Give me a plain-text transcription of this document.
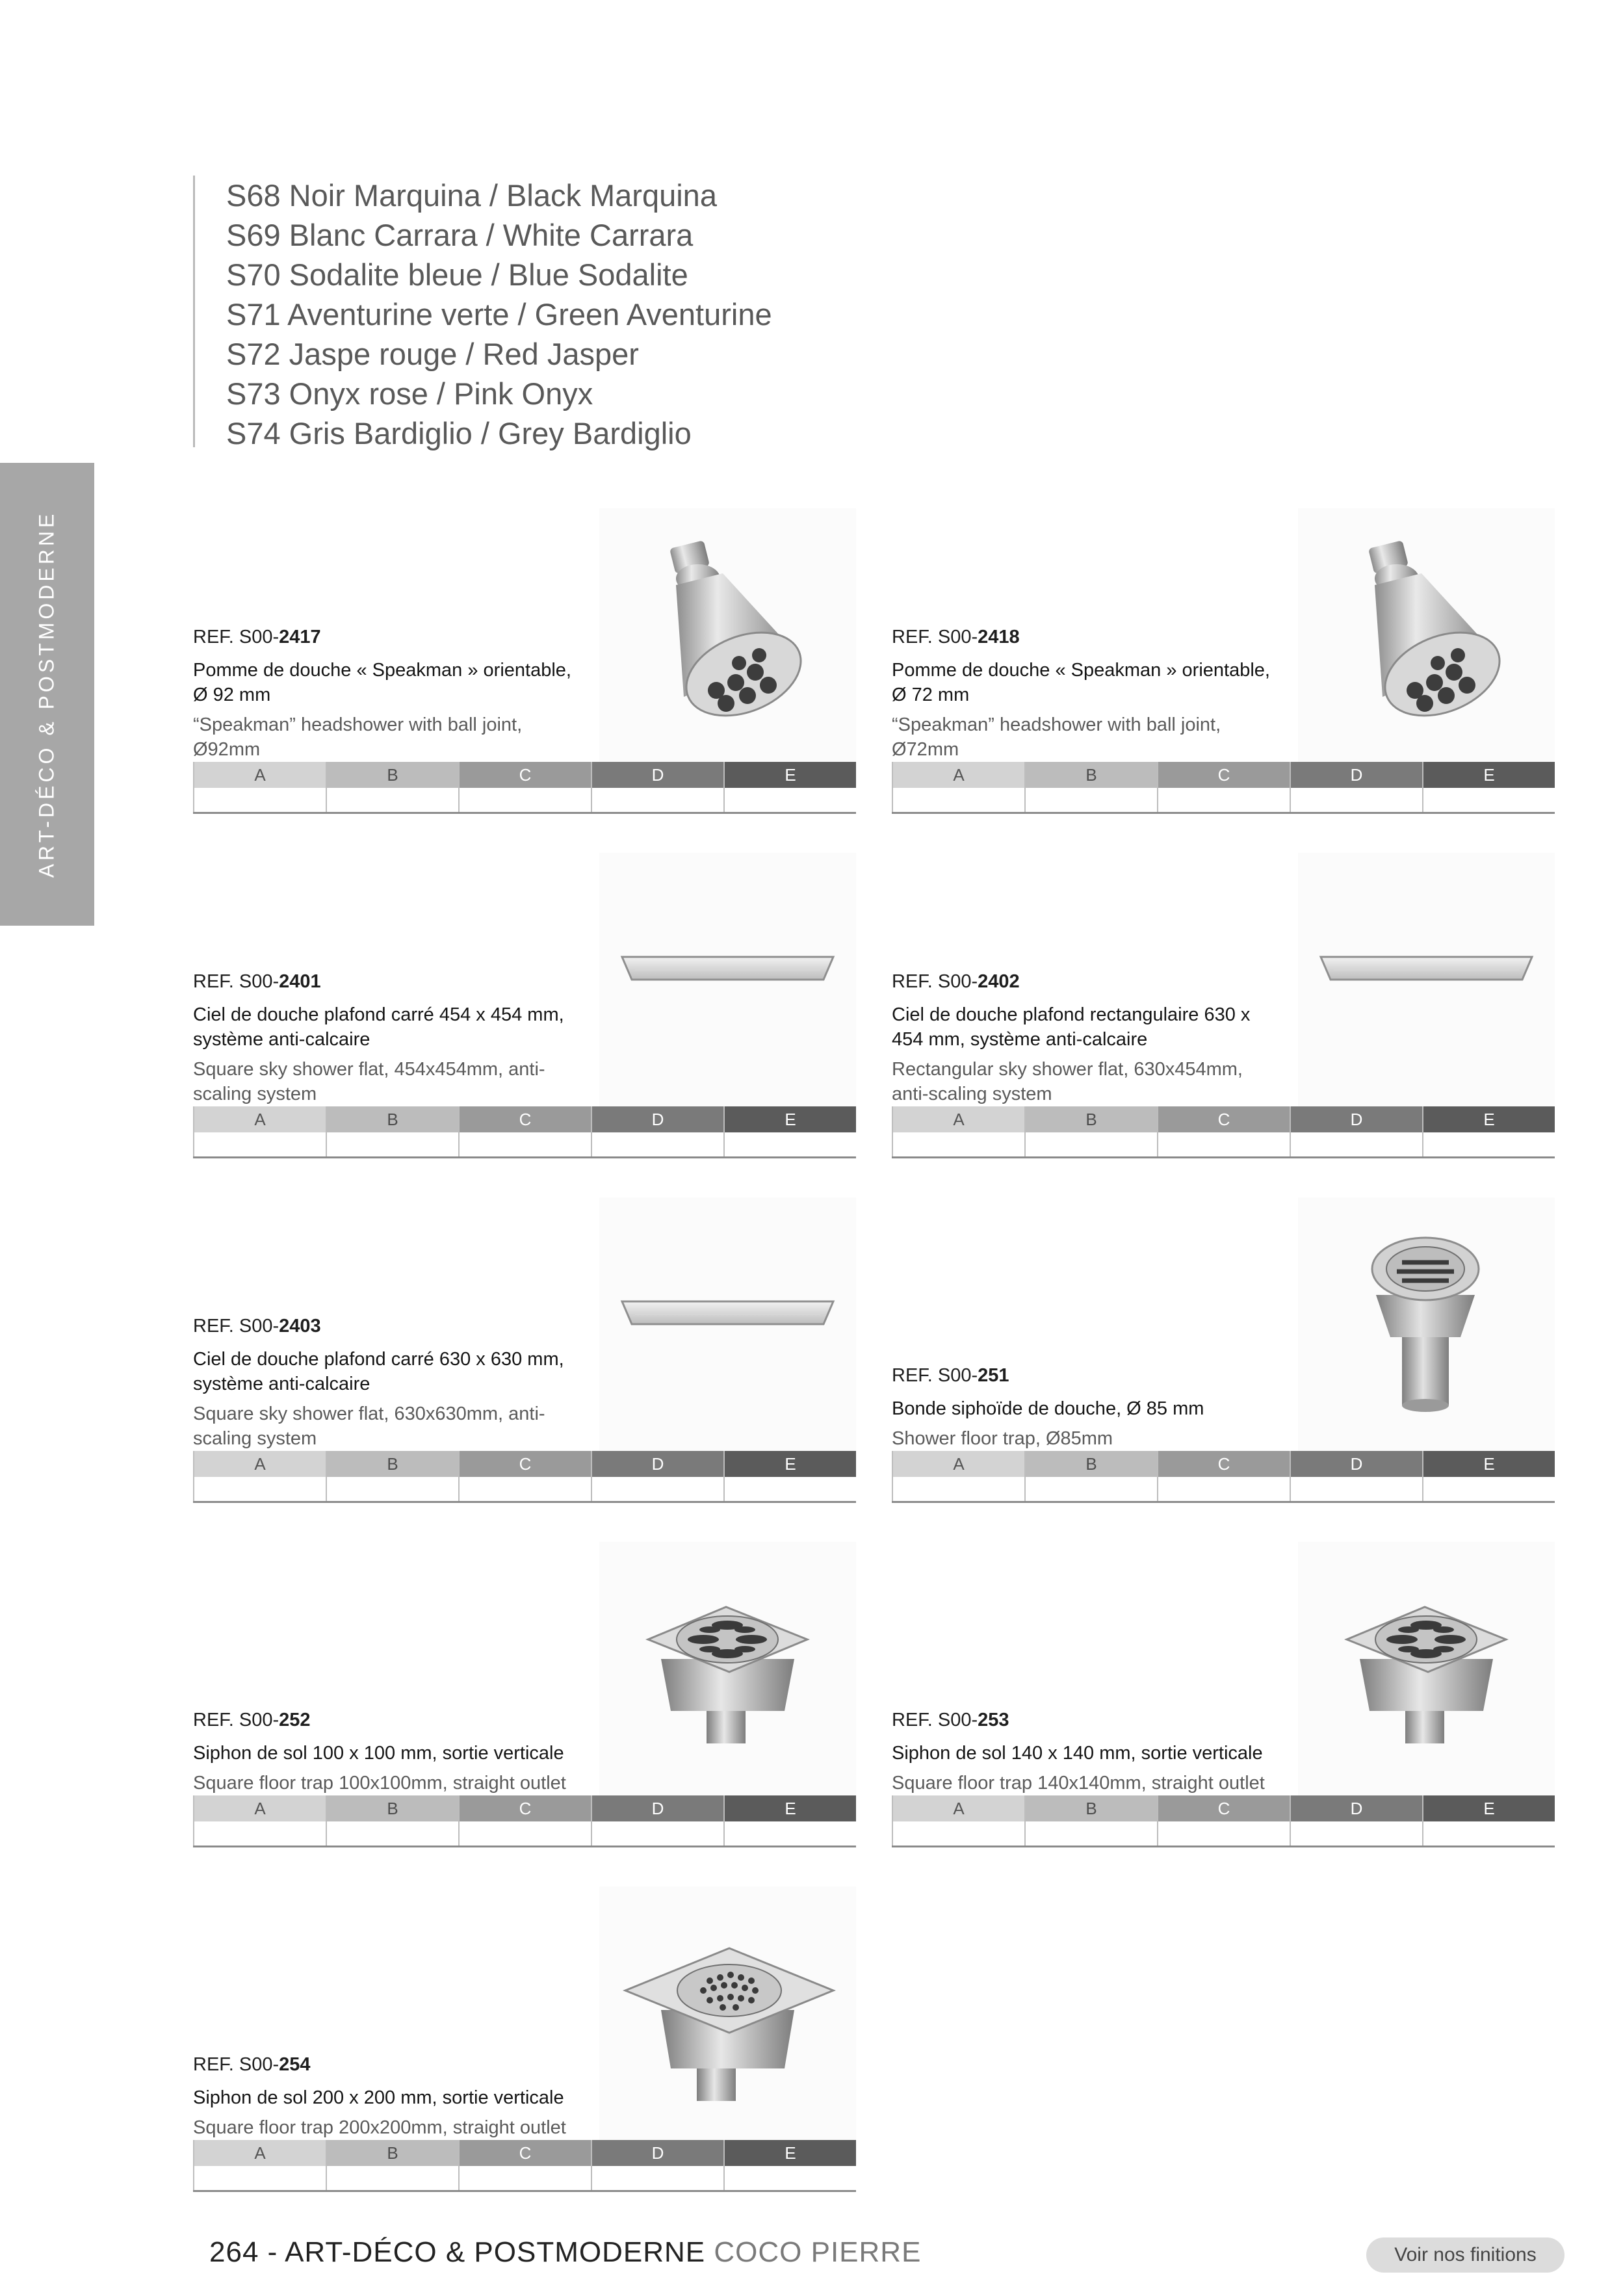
S68 Noir Marquina / Black Marquina
S69 Blanc Carrara / White Carrara
S70 Sodalite bleue / Blue Sodalite
S71 Aventurine verte / Green Aventurine
S72 Jaspe rouge / Red Jasper
S73 Onyx rose / Pink Onyx
S74 Gris Bardiglio / Grey Bardiglio
ART-DÉCO & POSTMODERNE	REF. S00-2417
Pomme de douche « Speakman » orientable, Ø 92 mm
“Speakman” headshower with ball joint, Ø92mm
A	B	C	D	E
REF. S00-2418
Pomme de douche « Speakman » orientable, Ø 72 mm
“Speakman” headshower with ball joint, Ø72mm
A	B	C	D	E
REF. S00-2401
Ciel de douche plafond carré 454 x 454 mm, système anti-calcaire
Square sky shower flat, 454x454mm, anti-scaling system
A	B	C	D	E
REF. S00-2402
Ciel de douche plafond rectangulaire 630 x 454 mm, système anti-calcaire
Rectangular sky shower flat, 630x454mm, anti-scaling system
A	B	C	D	E
REF. S00-2403
Ciel de douche plafond carré 630 x 630 mm, système anti-calcaire
Square sky shower flat, 630x630mm, anti-scaling system
A	B	C	D	E
REF. S00-251
Bonde siphoïde de douche, Ø 85 mm
Shower floor trap, Ø85mm
A	B	C	D	E
REF. S00-252
Siphon de sol 100 x 100 mm, sortie verticale
Square floor trap 100x100mm, straight outlet
A	B	C	D	E
REF. S00-253
Siphon de sol 140 x 140 mm, sortie verticale
Square floor trap 140x140mm, straight outlet
A	B	C	D	E
REF. S00-254
Siphon de sol 200 x 200 mm, sortie verticale
Square floor trap 200x200mm, straight outlet
A	B	C	D	E
264 - ART-DÉCO & POSTMODERNE COCO PIERRE	Voir nos finitions
